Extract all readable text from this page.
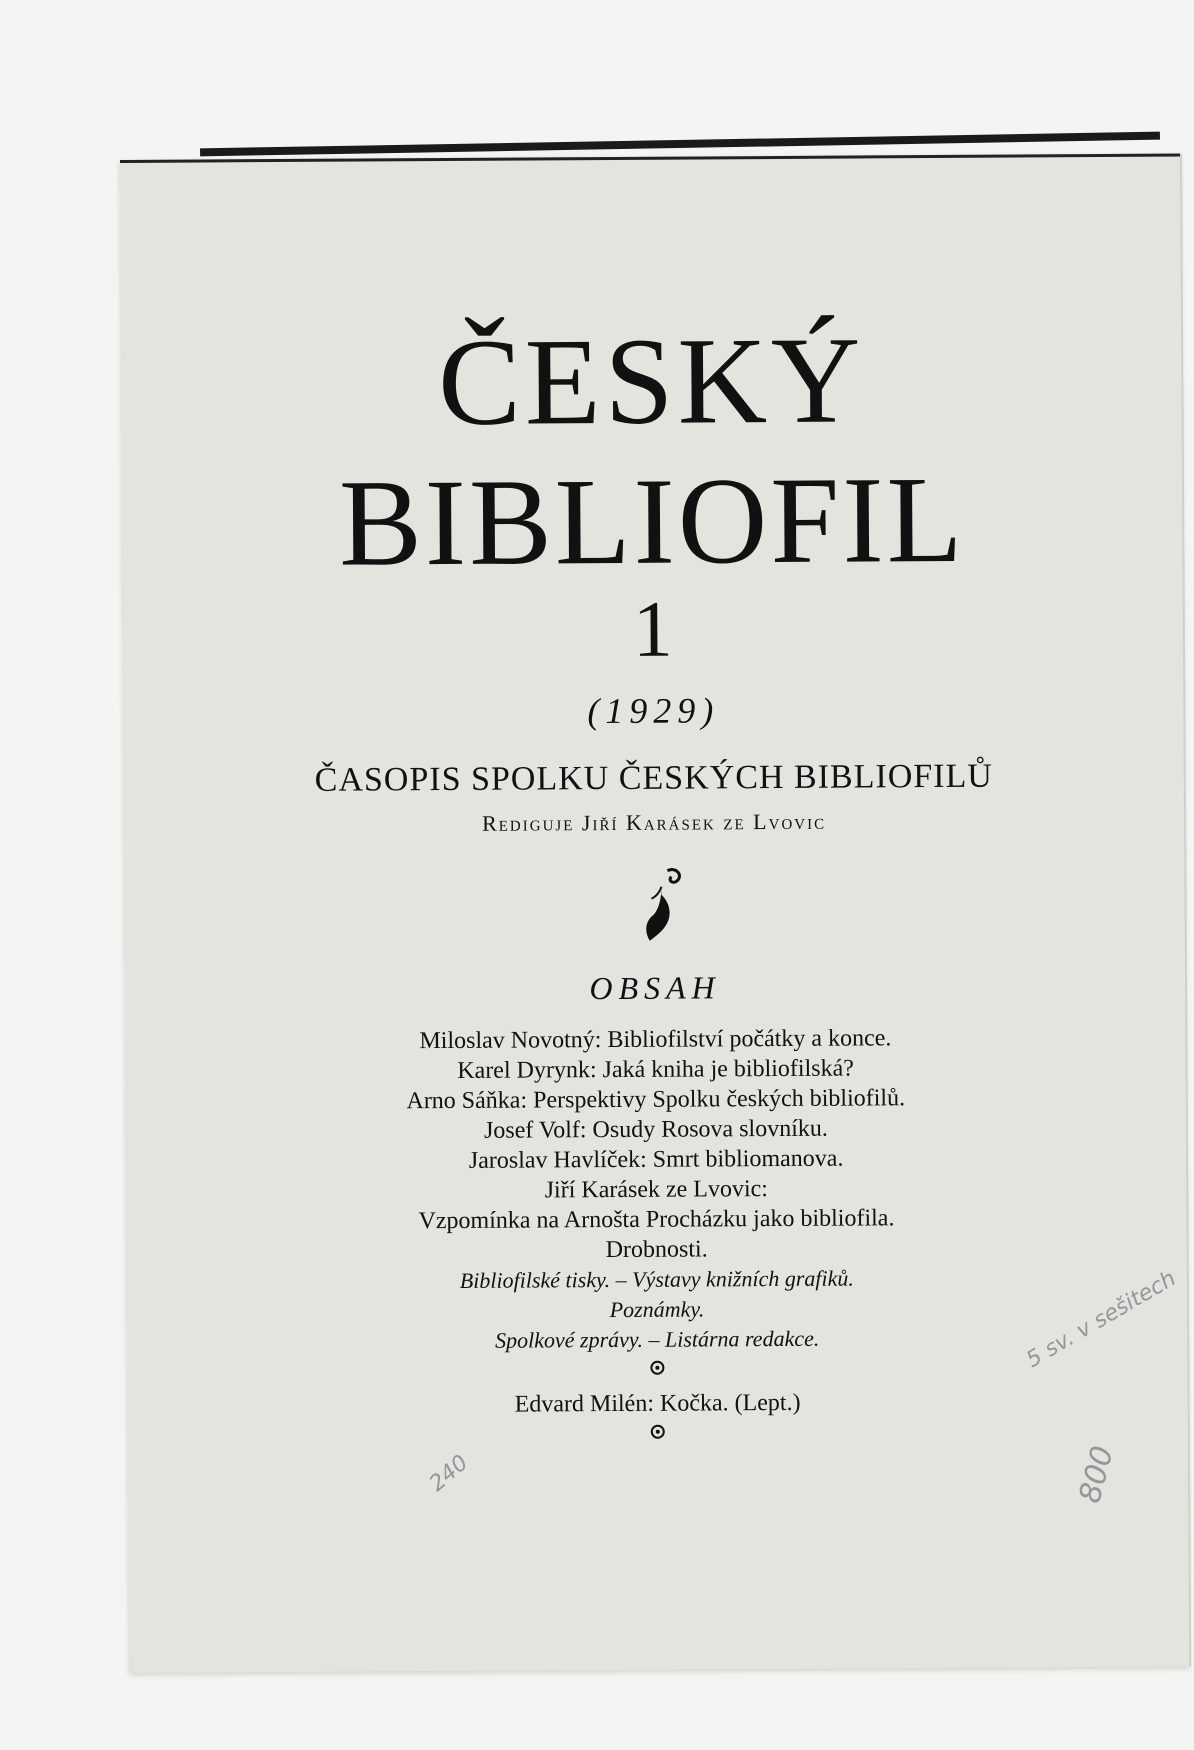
ČESKÝ
BIBLIOFIL
1
(1929)
ČASOPIS SPOLKU ČESKÝCH BIBLIOFILŮ
Rediguje Jiří Karásek ze Lvovic
OBSAH
Miloslav Novotný: Bibliofilství počátky a konce.
Karel Dyrynk: Jaká kniha je bibliofilská?
Arno Sáňka: Perspektivy Spolku českých bibliofilů.
Josef Volf: Osudy Rosova slovníku.
Jaroslav Havlíček: Smrt bibliomanova.
Jiří Karásek ze Lvovic:
Vzpomínka na Arnošta Procházku jako bibliofila.
Drobnosti.
Bibliofilské tisky. – Výstavy knižních grafiků.
Poznámky.
Spolkové zprávy. – Listárna redakce.
Edvard Milén: Kočka. (Lept.)
5 sv. v sešitech
800
240
